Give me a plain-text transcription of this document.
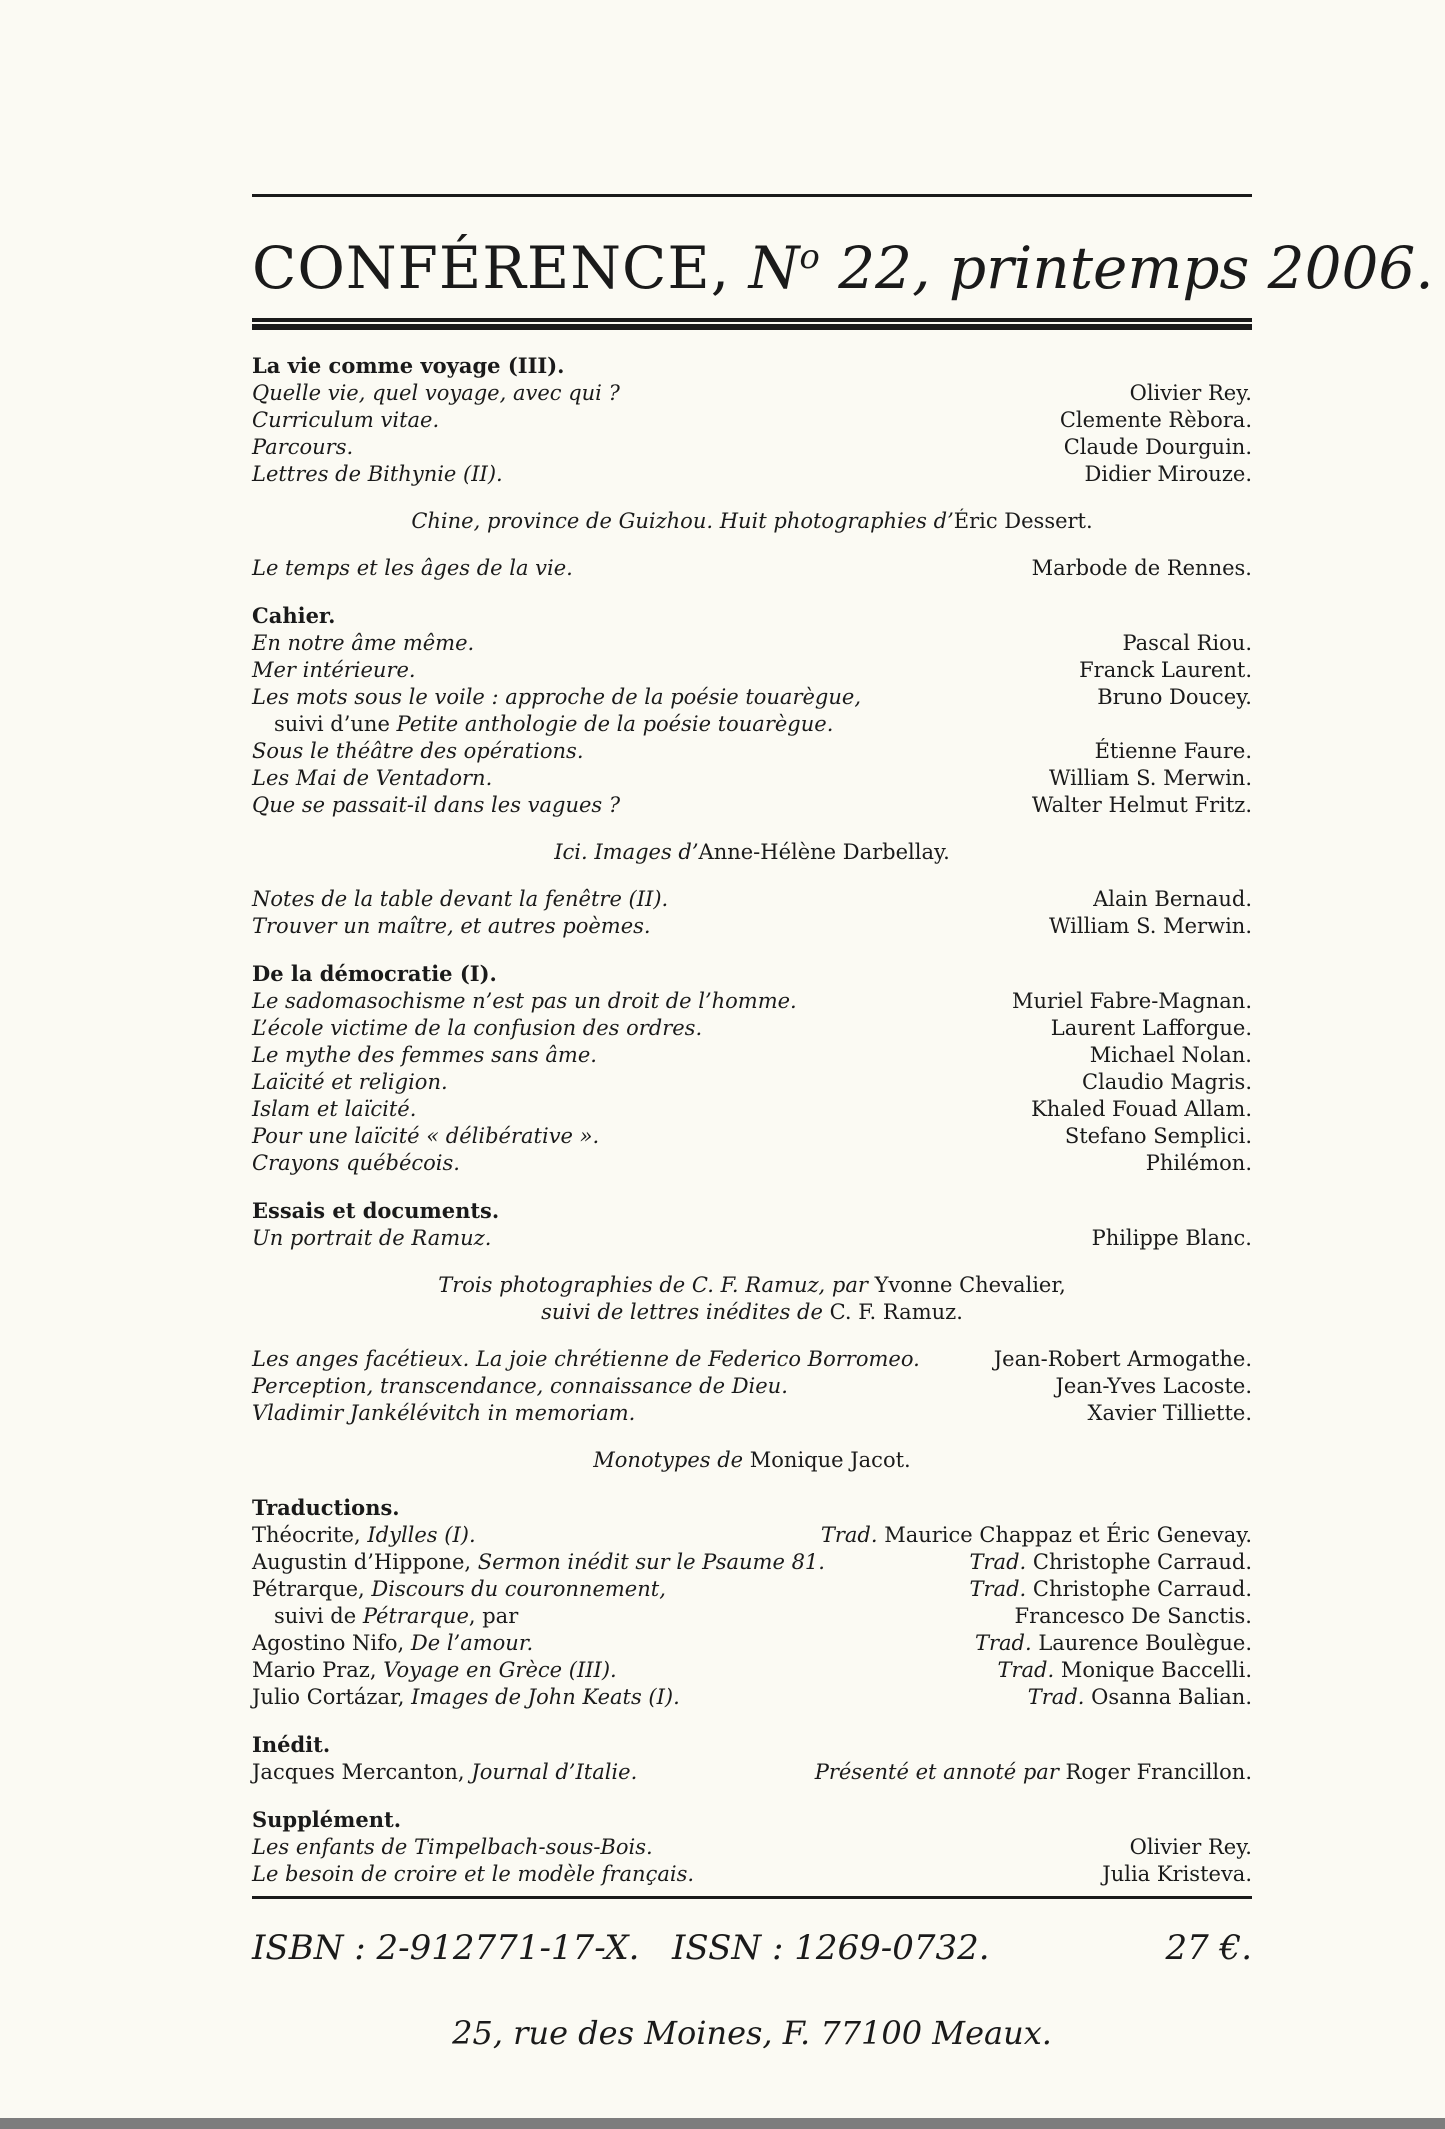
CONFÉRENCE, $N^o$ 22, printemps 2006.
La vie comme voyage (III).
Quelle vie, quel voyage, avec qui ?	Olivier Rey.
Curriculum vitae.	Clemente Rèbora.
Parcours.	Claude Dourguin.
Lettres de Bithynie (II).	Didier Mirouze.
Chine, province de Guizhou. Huit photographies d’Éric Dessert.
Le temps et les âges de la vie.	Marbode de Rennes.
Cahier.
En notre âme même.	Pascal Riou.
Mer intérieure.	Franck Laurent.
Les mots sous le voile : approche de la poésie touarègue,	Bruno Doucey.
suivi d’une Petite anthologie de la poésie touarègue.
Sous le théâtre des opérations.	Étienne Faure.
Les Mai de Ventadorn.	William S. Merwin.
Que se passait-il dans les vagues ?	Walter Helmut Fritz.
Ici. Images d’Anne-Hélène Darbellay.
Notes de la table devant la fenêtre (II).	Alain Bernaud.
Trouver un maître, et autres poèmes.	William S. Merwin.
De la démocratie (I).
Le sadomasochisme n’est pas un droit de l’homme.	Muriel Fabre-Magnan.
L’école victime de la confusion des ordres.	Laurent Lafforgue.
Le mythe des femmes sans âme.	Michael Nolan.
Laïcité et religion.	Claudio Magris.
Islam et laïcité.	Khaled Fouad Allam.
Pour une laïcité « délibérative ».	Stefano Semplici.
Crayons québécois.	Philémon.
Essais et documents.
Un portrait de Ramuz.	Philippe Blanc.
Trois photographies de C. F. Ramuz, par Yvonne Chevalier,
suivi de lettres inédites de C. F. Ramuz.
Les anges facétieux. La joie chrétienne de Federico Borromeo.	Jean-Robert Armogathe.
Perception, transcendance, connaissance de Dieu.	Jean-Yves Lacoste.
Vladimir Jankélévitch in memoriam.	Xavier Tilliette.
Monotypes de Monique Jacot.
Traductions.
Théocrite, Idylles (I).	Trad. Maurice Chappaz et Éric Genevay.
Augustin d’Hippone, Sermon inédit sur le Psaume 81.	Trad. Christophe Carraud.
Pétrarque, Discours du couronnement,	Trad. Christophe Carraud.
suivi de Pétrarque, par	Francesco De Sanctis.
Agostino Nifo, De l’amour.	Trad. Laurence Boulègue.
Mario Praz, Voyage en Grèce (III).	Trad. Monique Baccelli.
Julio Cortázar, Images de John Keats (I).	Trad. Osanna Balian.
Inédit.
Jacques Mercanton, Journal d’Italie.	Présenté et annoté par Roger Francillon.
Supplément.
Les enfants de Timpelbach-sous-Bois.	Olivier Rey.
Le besoin de croire et le modèle français.	Julia Kristeva.
ISBN : 2-912771-17-X. ISSN : 1269-0732.	27 €.
25, rue des Moines, F. 77100 Meaux.
